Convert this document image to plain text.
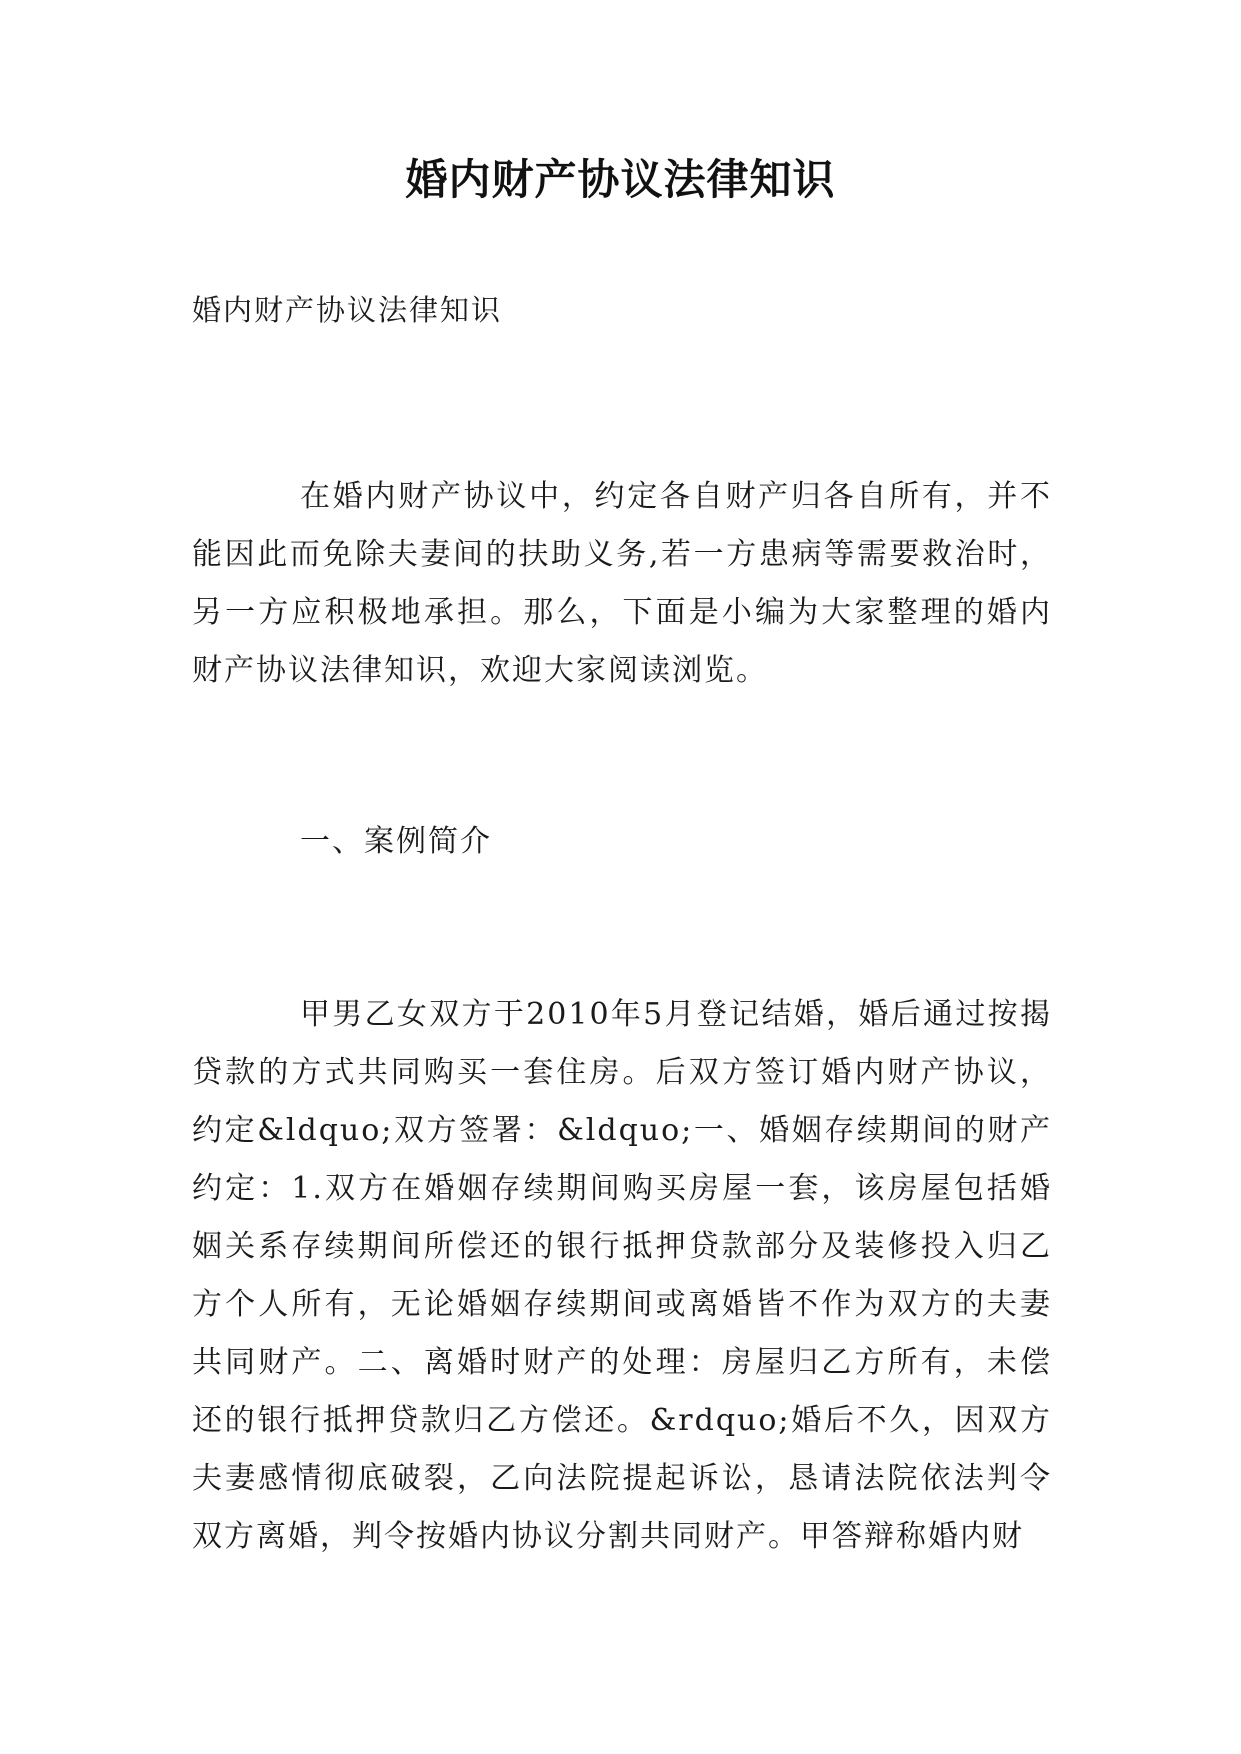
婚内财产协议法律知识
婚内财产协议法律知识

在婚内财产协议中，约定各自财产归各自所有，并不能因此而免除夫妻间的扶助义务,若一方患病等需要救治时，另一方应积极地承担。那么，下面是小编为大家整理的婚内财产协议法律知识，欢迎大家阅读浏览。

一、案例简介

甲男乙女双方于2010年5月登记结婚，婚后通过按揭贷款的方式共同购买一套住房。后双方签订婚内财产协议，约定&ldquo;双方签署：&ldquo;一、婚姻存续期间的财产约定：1.双方在婚姻存续期间购买房屋一套，该房屋包括婚姻关系存续期间所偿还的银行抵押贷款部分及装修投入归乙方个人所有，无论婚姻存续期间或离婚皆不作为双方的夫妻共同财产。二、离婚时财产的处理：房屋归乙方所有，未偿还的银行抵押贷款归乙方偿还。&rdquo;婚后不久，因双方夫妻感情彻底破裂，乙向法院提起诉讼，恳请法院依法判令双方离婚，判令按婚内协议分割共同财产。甲答辩称婚内财
